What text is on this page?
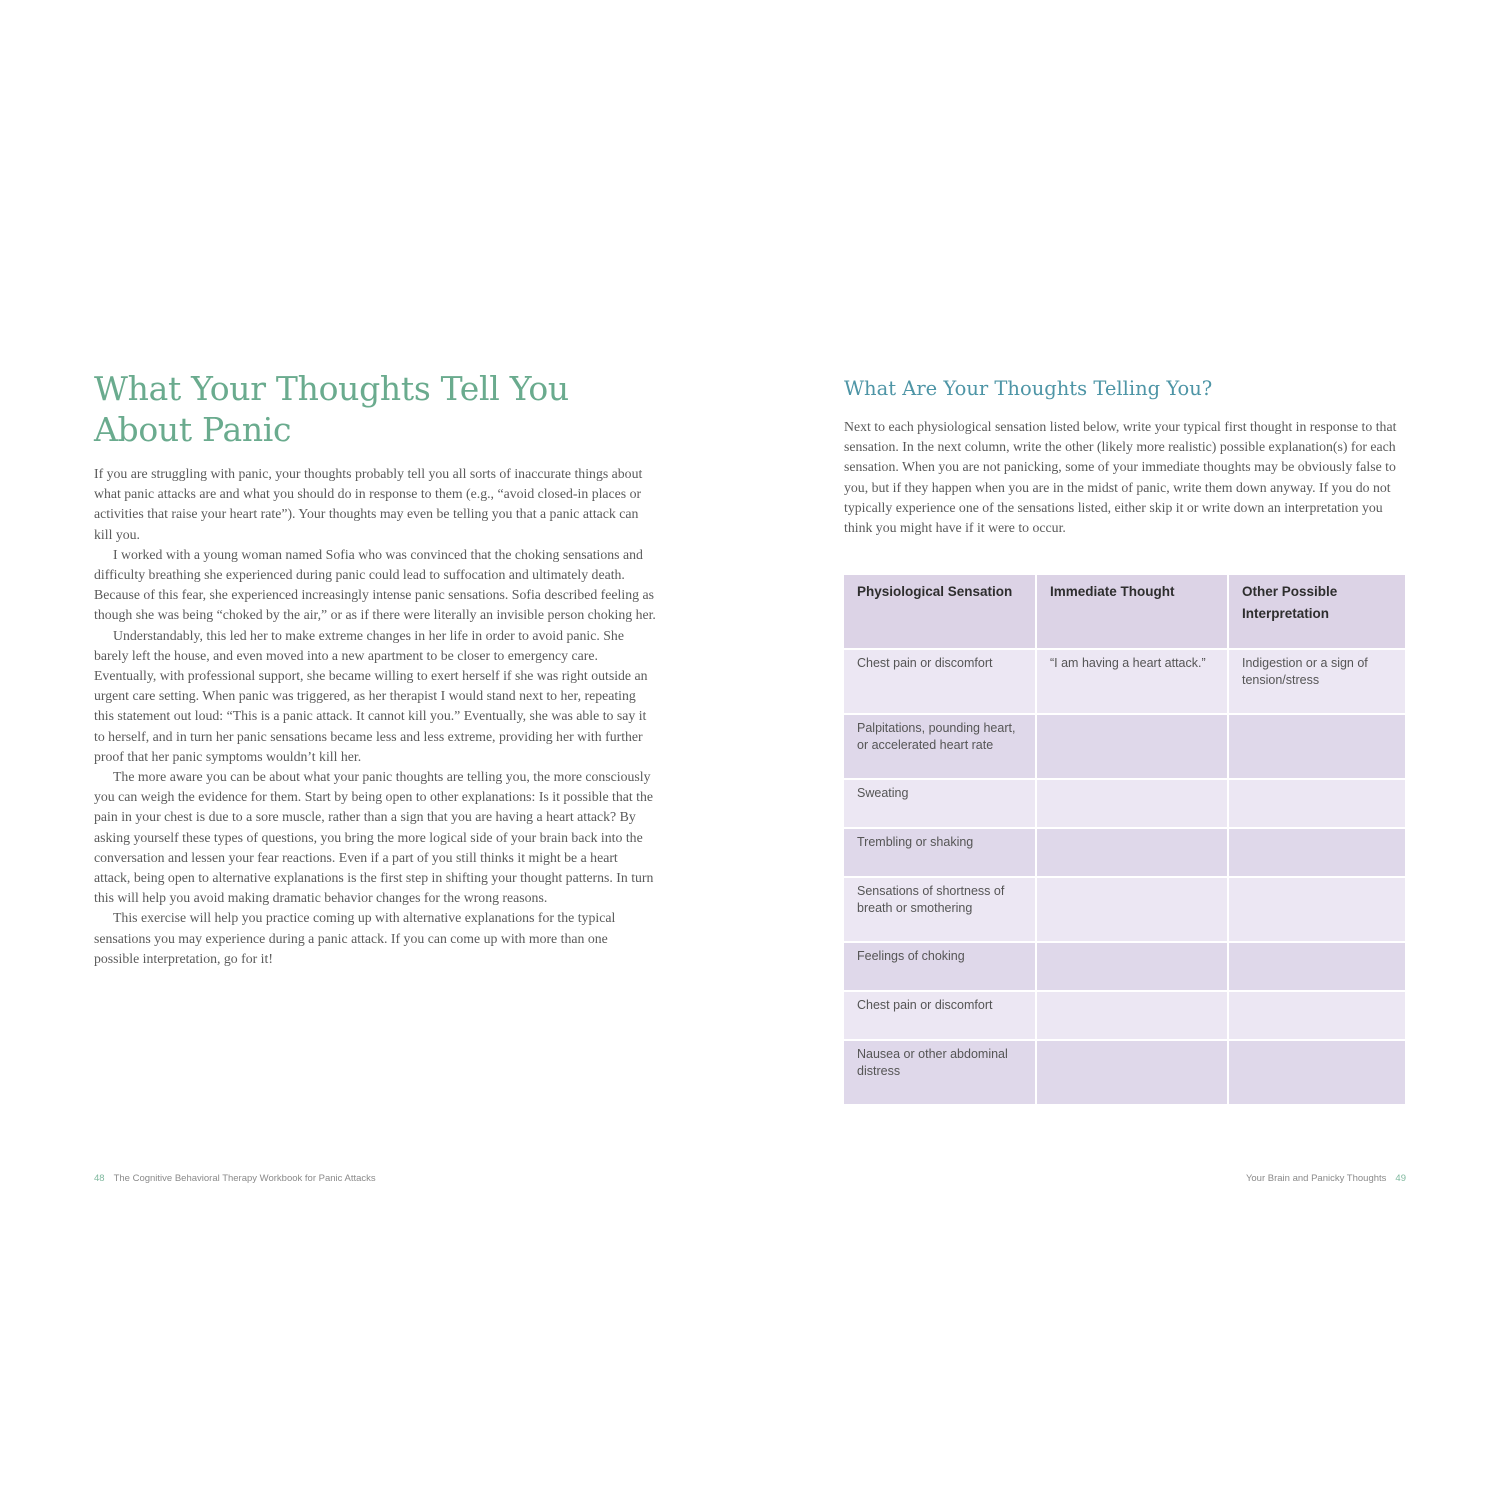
What Your Thoughts Tell You
About Panic

If you are struggling with panic, your thoughts probably tell you all sorts of inaccurate things about what panic attacks are and what you should do in response to them (e.g., “avoid closed-in places or activities that raise your heart rate”). Your thoughts may even be telling you that a panic attack can kill you.

I worked with a young woman named Sofia who was convinced that the choking sensations and difficulty breathing she experienced during panic could lead to suffocation and ultimately death. Because of this fear, she experienced increasingly intense panic sensations. Sofia described feeling as though she was being “choked by the air,” or as if there were literally an invisible person choking her.

Understandably, this led her to make extreme changes in her life in order to avoid panic. She barely left the house, and even moved into a new apartment to be closer to emergency care. Eventually, with professional support, she became willing to exert herself if she was right outside an urgent care setting. When panic was triggered, as her therapist I would stand next to her, repeating this statement out loud: “This is a panic attack. It cannot kill you.” Eventually, she was able to say it to herself, and in turn her panic sensations became less and less extreme, providing her with further proof that her panic symptoms wouldn’t kill her.

The more aware you can be about what your panic thoughts are telling you, the more consciously you can weigh the evidence for them. Start by being open to other explanations: Is it possible that the pain in your chest is due to a sore muscle, rather than a sign that you are having a heart attack? By asking yourself these types of questions, you bring the more logical side of your brain back into the conversation and lessen your fear reactions. Even if a part of you still thinks it might be a heart attack, being open to alternative explanations is the first step in shifting your thought patterns. In turn this will help you avoid making dramatic behavior changes for the wrong reasons.

This exercise will help you practice coming up with alternative explanations for the typical sensations you may experience during a panic attack. If you can come up with more than one possible interpretation, go for it!

What Are Your Thoughts Telling You?

Next to each physiological sensation listed below, write your typical first thought in response to that sensation. In the next column, write the other (likely more realistic) possible explanation(s) for each sensation. When you are not panicking, some of your immediate thoughts may be obviously false to you, but if they happen when you are in the midst of panic, write them down anyway. If you do not typically experience one of the sensations listed, either skip it or write down an interpretation you think you might have if it were to occur.

Physiological Sensation	Immediate Thought	Other Possible Interpretation
Chest pain or discomfort	“I am having a heart attack.”	Indigestion or a sign of tension/stress
Palpitations, pounding heart, or accelerated heart rate		
Sweating		
Trembling or shaking		
Sensations of shortness of breath or smothering		
Feelings of choking		
Chest pain or discomfort		
Nausea or other abdominal distress		
48 The Cognitive Behavioral Therapy Workbook for Panic Attacks	Your Brain and Panicky Thoughts 49
